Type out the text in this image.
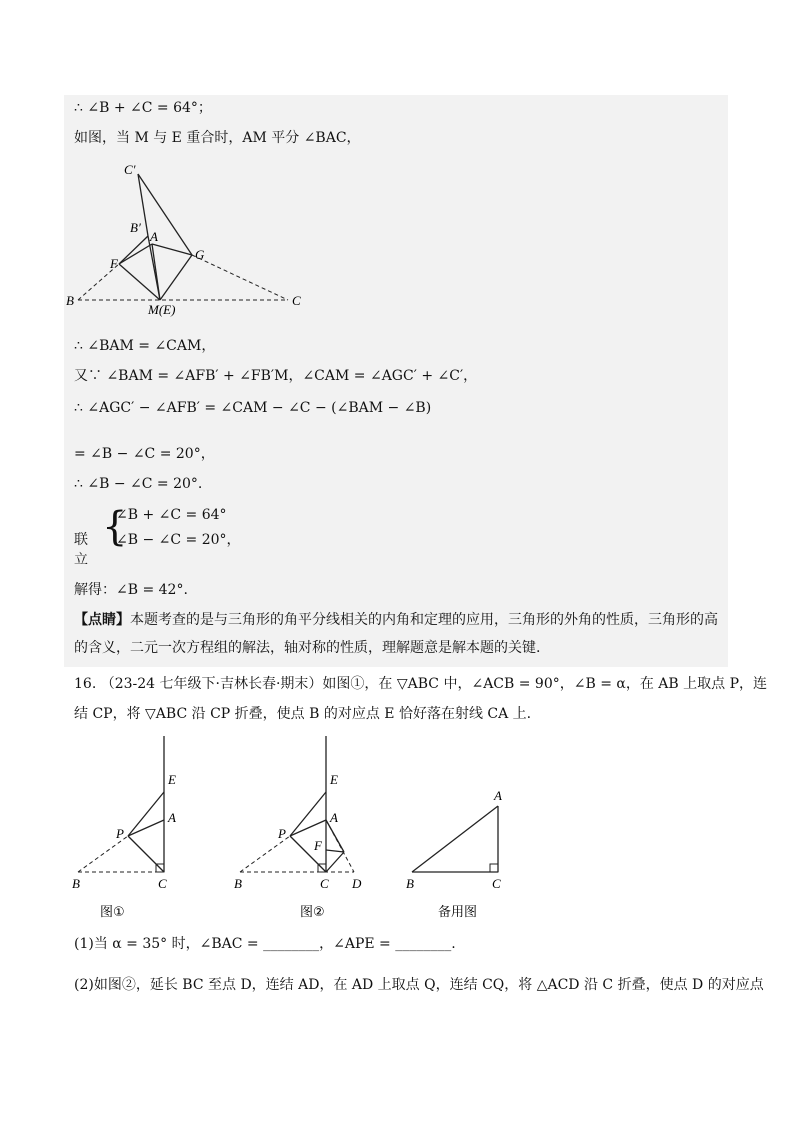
∴ ∠B + ∠C = 64°；
如图，当 M 与 E 重合时，AM 平分 ∠BAC，
C′
B′
A
F
G
B
M(E)
C
∴ ∠BAM = ∠CAM，
又∵ ∠BAM = ∠AFB′ + ∠FB′M，∠CAM = ∠AGC′ + ∠C′，
∴ ∠AGC′ − ∠AFB′ = ∠CAM − ∠C − (∠BAM − ∠B)
= ∠B − ∠C = 20°，
∴ ∠B − ∠C = 20°.
联立
{
∠B + ∠C = 64°
∠B − ∠C = 20°，
解得：∠B = 42°.
【点睛】本题考查的是与三角形的角平分线相关的内角和定理的应用，三角形的外角的性质，三角形的高的含义，二元一次方程组的解法，轴对称的性质，理解题意是解本题的关键.
16. （23-24 七年级下·吉林长春·期末）如图①，在 ▽ABC 中，∠ACB = 90°，∠B = α，在 AB 上取点 P，连
结 CP，将 ▽ABC 沿 CP 折叠，使点 B 的对应点 E 恰好落在射线 CA 上.
E
A
P
B	C
图①
E
A
P
F
B	C D
图②
A
B	C
备用图
(1)当 α = 35° 时，∠BAC = ________，∠APE = ________.
(2)如图②，延长 BC 至点 D，连结 AD，在 AD 上取点 Q，连结 CQ，将 △ACD 沿 C 折叠，使点 D 的对应点
